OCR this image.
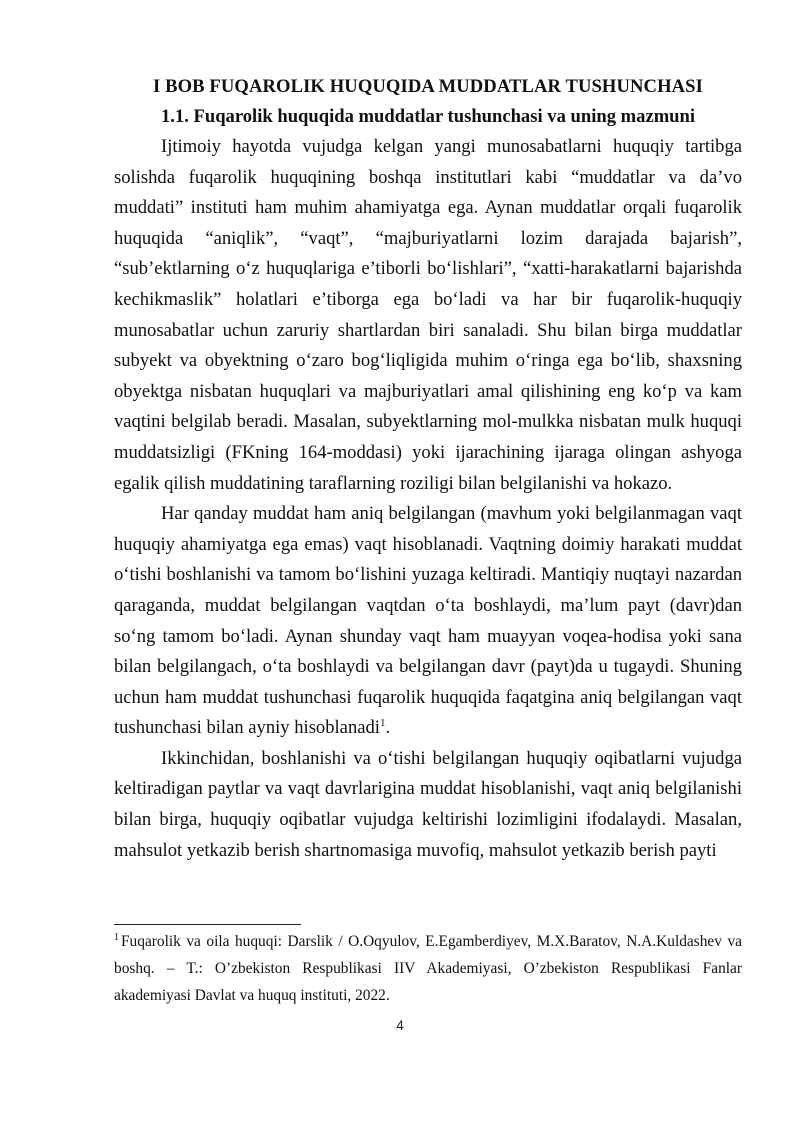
I BOB FUQAROLIK HUQUQIDA MUDDATLAR TUSHUNCHASI
1.1. Fuqarolik huquqida muddatlar tushunchasi va uning mazmuni

Ijtimoiy hayotda vujudga kelgan yangi munosabatlarni huquqiy tartibga solishda fuqarolik huquqining boshqa institutlari kabi “muddatlar va da’vo muddati” instituti ham muhim ahamiyatga ega. Aynan muddatlar orqali fuqarolik huquqida “aniqlik”, “vaqt”, “majburiyatlarni lozim darajada bajarish”, “sub’ektlarning o‘z huquqlariga e’tiborli bo‘lishlari”, “xatti-harakatlarni bajarishda kechikmaslik” holatlari e’tiborga ega bo‘ladi va har bir fuqarolik-huquqiy munosabatlar uchun zaruriy shartlardan biri sanaladi. Shu bilan birga muddatlar subyekt va obyektning o‘zaro bog‘liqligida muhim o‘ringa ega bo‘lib, shaxsning obyektga nisbatan huquqlari va majburiyatlari amal qilishining eng ko‘p va kam vaqtini belgilab beradi. Masalan, subyektlarning mol-mulkka nisbatan mulk huquqi muddatsizligi (FKning 164-moddasi) yoki ijarachining ijaraga olingan ashyoga egalik qilish muddatining taraflarning roziligi bilan belgilanishi va hokazo.

Har qanday muddat ham aniq belgilangan (mavhum yoki belgilanmagan vaqt huquqiy ahamiyatga ega emas) vaqt hisoblanadi. Vaqtning doimiy harakati muddat o‘tishi boshlanishi va tamom bo‘lishini yuzaga keltiradi. Mantiqiy nuqtayi nazardan qaraganda, muddat belgilangan vaqtdan o‘ta boshlaydi, ma’lum payt (davr)dan so‘ng tamom bo‘ladi. Aynan shunday vaqt ham muayyan voqea-hodisa yoki sana bilan belgilangach, o‘ta boshlaydi va belgilangan davr (payt)da u tugaydi. Shuning uchun ham muddat tushunchasi fuqarolik huquqida faqatgina aniq belgilangan vaqt tushunchasi bilan ayniy hisoblanadi$^1$.

Ikkinchidan, boshlanishi va o‘tishi belgilangan huquqiy oqibatlarni vujudga keltiradigan paytlar va vaqt davrlarigina muddat hisoblanishi, vaqt aniq belgilanishi bilan birga, huquqiy oqibatlar vujudga keltirishi lozimligini ifodalaydi. Masalan, mahsulot yetkazib berish shartnomasiga muvofiq, mahsulot yetkazib berish payti

$^1$ Fuqarolik va oila huquqi: Darslik / O.Oqyulov, E.Egamberdiyev, M.X.Baratov, N.A.Kuldashev va boshq. – T.: O’zbekiston Respublikasi IIV Akademiyasi, O’zbekiston Respublikasi Fanlar akademiyasi Davlat va huquq instituti, 2022.

4
